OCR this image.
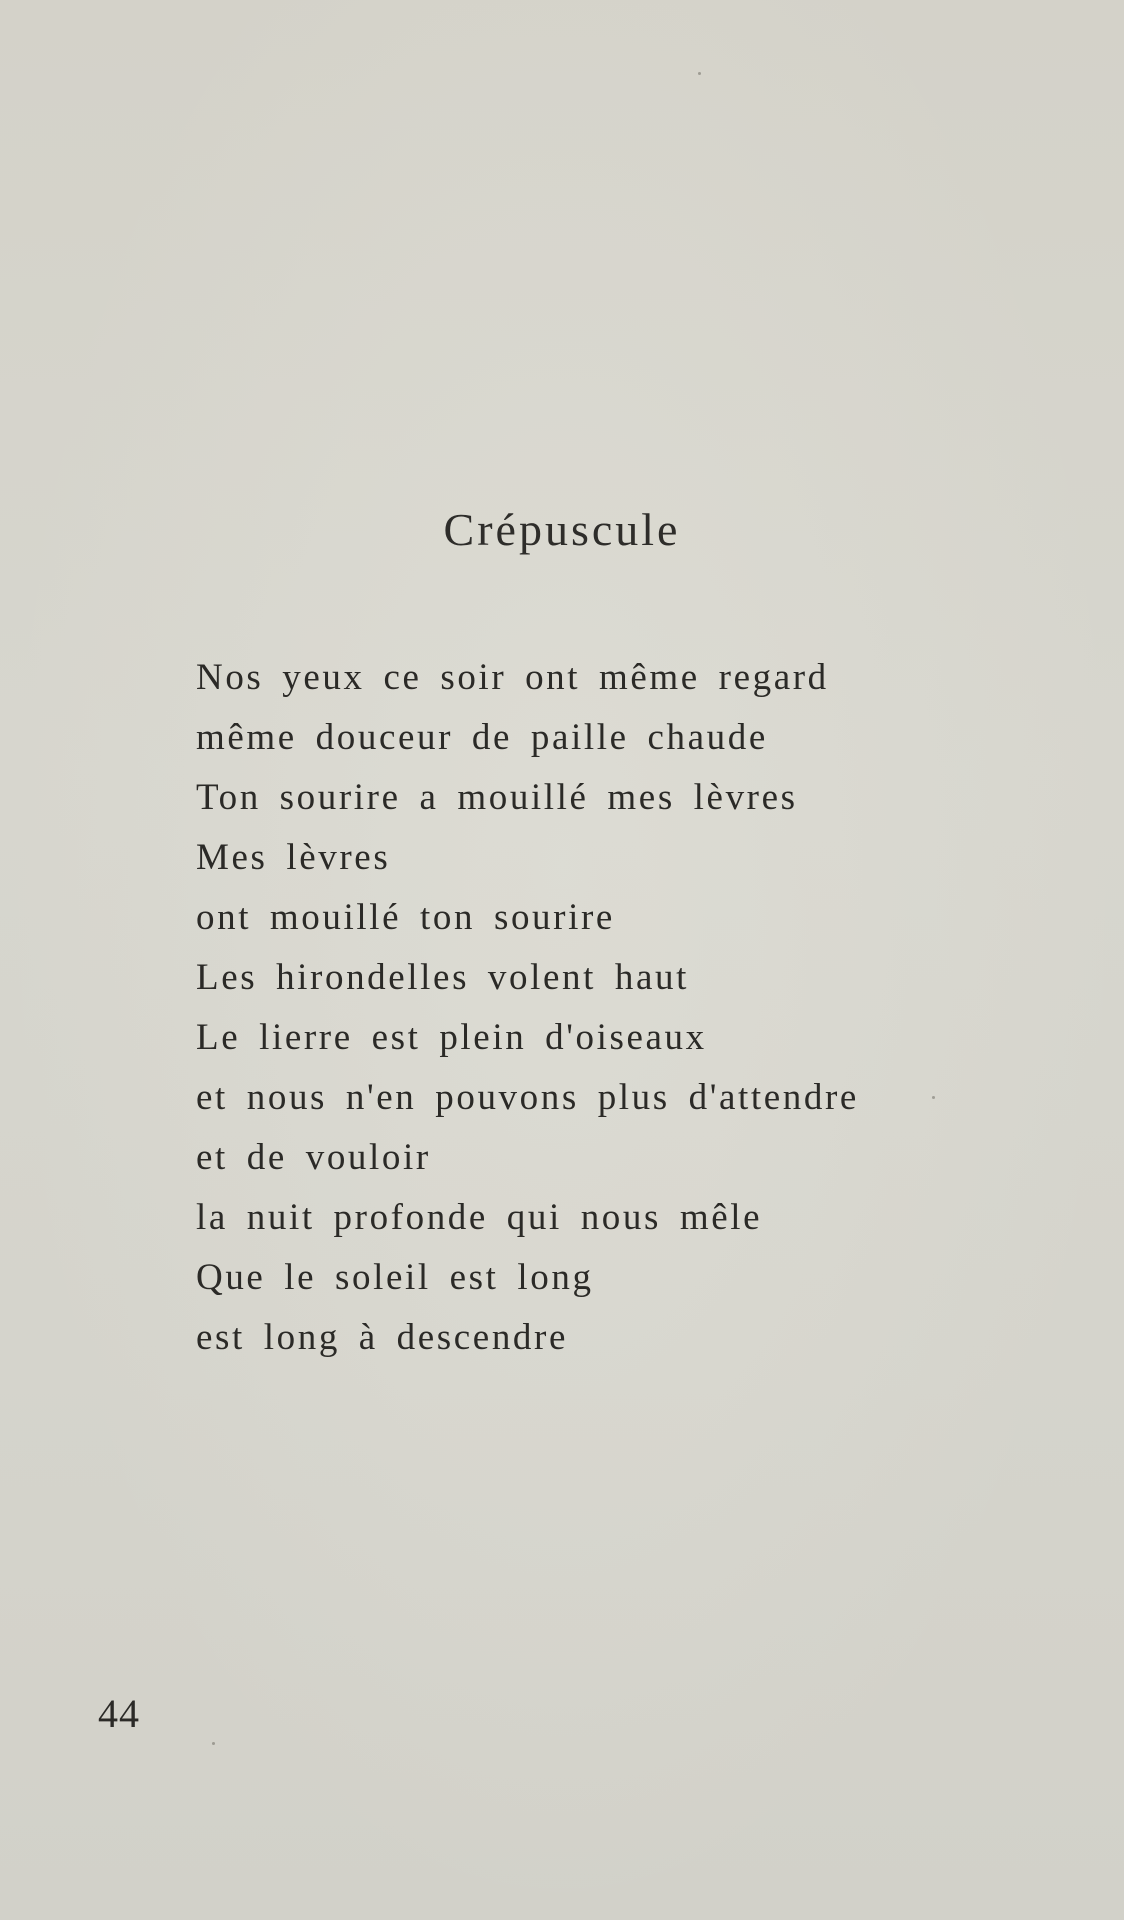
Crépuscule
Nos yeux ce soir ont même regard
même douceur de paille chaude
Ton sourire a mouillé mes lèvres
Mes lèvres
ont mouillé ton sourire
Les hirondelles volent haut
Le lierre est plein d'oiseaux
et nous n'en pouvons plus d'attendre
et de vouloir
la nuit profonde qui nous mêle
Que le soleil est long
est long à descendre

44
